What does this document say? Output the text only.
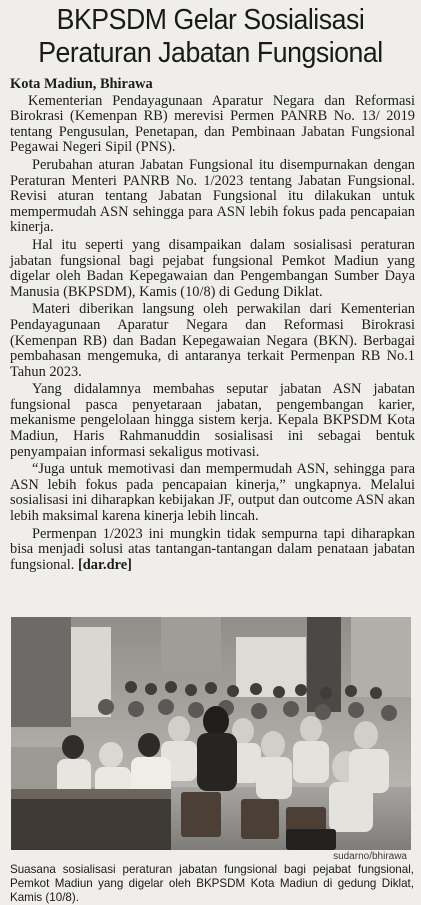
BKPSDM Gelar Sosialisasi
Peraturan Jabatan Fungsional
Kota Madiun, Bhirawa

Kementerian Pendayagunaan Aparatur Negara dan Reformasi Birokrasi (Kemenpan RB) merevisi Permen PANRB No. 13/ 2019 tentang Pengusulan, Penetapan, dan Pembinaan Jabatan Fungsional Pegawai Negeri Sipil (PNS).

Perubahan aturan Jabatan Fungsional itu disempurnakan dengan Peraturan Menteri PANRB No. 1/2023 tentang Jabatan Fungsional. Revisi aturan tentang Jabatan Fungsional itu dilakukan untuk mempermudah ASN sehingga para ASN lebih fokus pada pencapaian kinerja.

Hal itu seperti yang disampaikan dalam sosialisasi peraturan jabatan fungsional bagi pejabat fungsional Pemkot Madiun yang digelar oleh Badan Kepegawaian dan Pengembangan Sumber Daya Manusia (BKPSDM), Kamis (10/8) di Gedung Diklat.

Materi diberikan langsung oleh perwakilan dari Kementerian Pendayagunaan Aparatur Negara dan Reformasi Birokrasi (Kemenpan RB) dan Badan Kepegawaian Negara (BKN). Berbagai pembahasan mengemuka, di antaranya terkait Permenpan RB No.1 Tahun 2023.

Yang didalamnya membahas seputar jabatan ASN jabatan fungsional pasca penyetaraan jabatan, pengembangan karier, mekanisme pengelolaan hingga sistem kerja. Kepala BKPSDM Kota Madiun, Haris Rahmanuddin sosialisasi ini sebagai bentuk penyampaian informasi sekaligus motivasi.

“Juga untuk memotivasi dan mempermudah ASN, sehingga para ASN lebih fokus pada pencapaian kinerja,” ungkapnya. Melalui sosialisasi ini diharapkan kebijakan JF, output dan outcome ASN akan lebih maksimal karena kinerja lebih lincah.

Permenpan 1/2023 ini mungkin tidak sempurna tapi diharapkan bisa menjadi solusi atas tantangan-tantangan dalam penataan jabatan fungsional. [dar.dre]

sudarno/bhirawa
Suasana sosialisasi peraturan jabatan fungsional bagi pejabat fungsional, Pemkot Madiun yang digelar oleh BKPSDM Kota Madiun di gedung Diklat, Kamis (10/8).
